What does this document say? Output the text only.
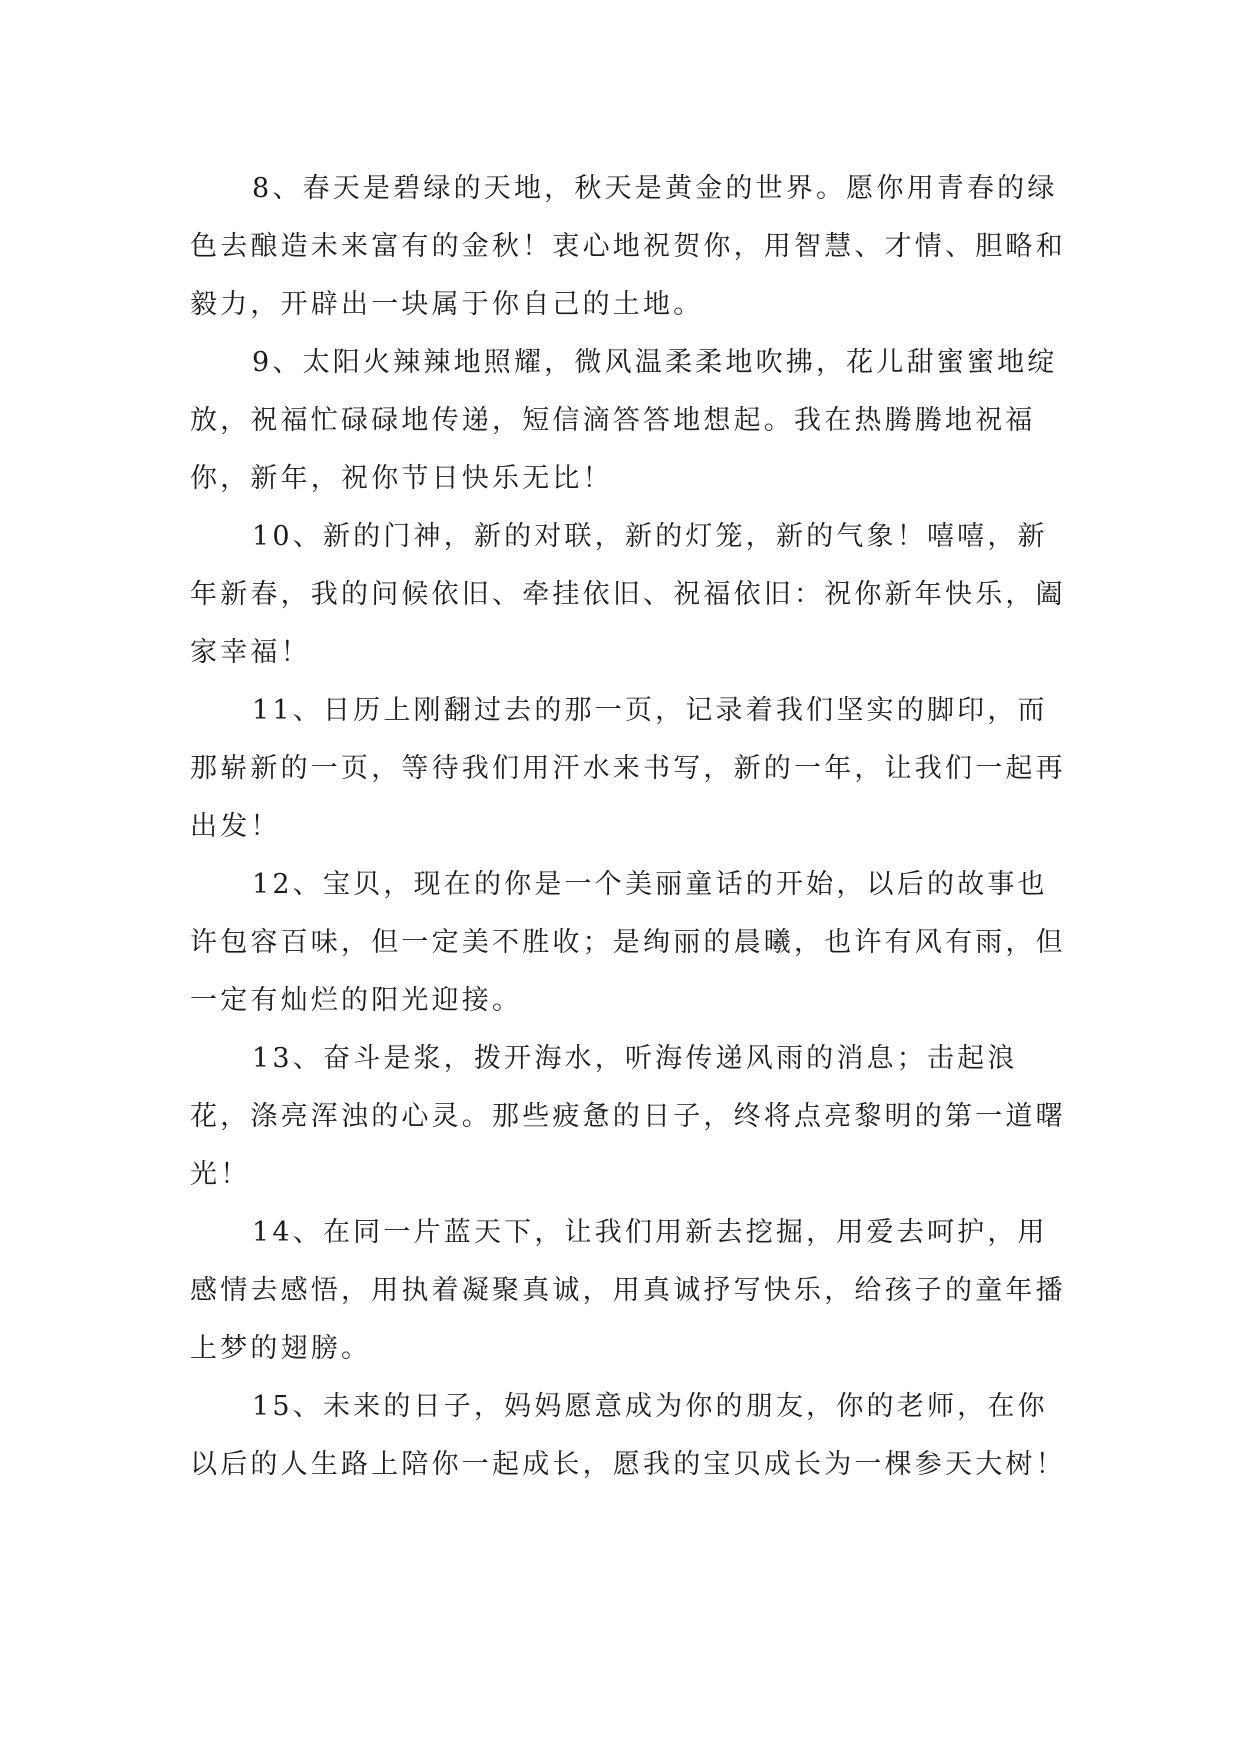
8、春天是碧绿的天地，秋天是黄金的世界。愿你用青春的绿色去酿造未来富有的金秋！衷心地祝贺你，用智慧、才情、胆略和毅力，开辟出一块属于你自己的土地。

9、太阳火辣辣地照耀，微风温柔柔地吹拂，花儿甜蜜蜜地绽放，祝福忙碌碌地传递，短信滴答答地想起。我在热腾腾地祝福你，新年，祝你节日快乐无比！

10、新的门神，新的对联，新的灯笼，新的气象！嘻嘻，新年新春，我的问候依旧、牵挂依旧、祝福依旧：祝你新年快乐，阖家幸福！

11、日历上刚翻过去的那一页，记录着我们坚实的脚印，而那崭新的一页，等待我们用汗水来书写，新的一年，让我们一起再出发！

12、宝贝，现在的你是一个美丽童话的开始，以后的故事也许包容百味，但一定美不胜收；是绚丽的晨曦，也许有风有雨，但一定有灿烂的阳光迎接。

13、奋斗是浆，拨开海水，听海传递风雨的消息；击起浪花，涤亮浑浊的心灵。那些疲惫的日子，终将点亮黎明的第一道曙光！

14、在同一片蓝天下，让我们用新去挖掘，用爱去呵护，用感情去感悟，用执着凝聚真诚，用真诚抒写快乐，给孩子的童年播上梦的翅膀。

15、未来的日子，妈妈愿意成为你的朋友，你的老师，在你以后的人生路上陪你一起成长，愿我的宝贝成长为一棵参天大树！
